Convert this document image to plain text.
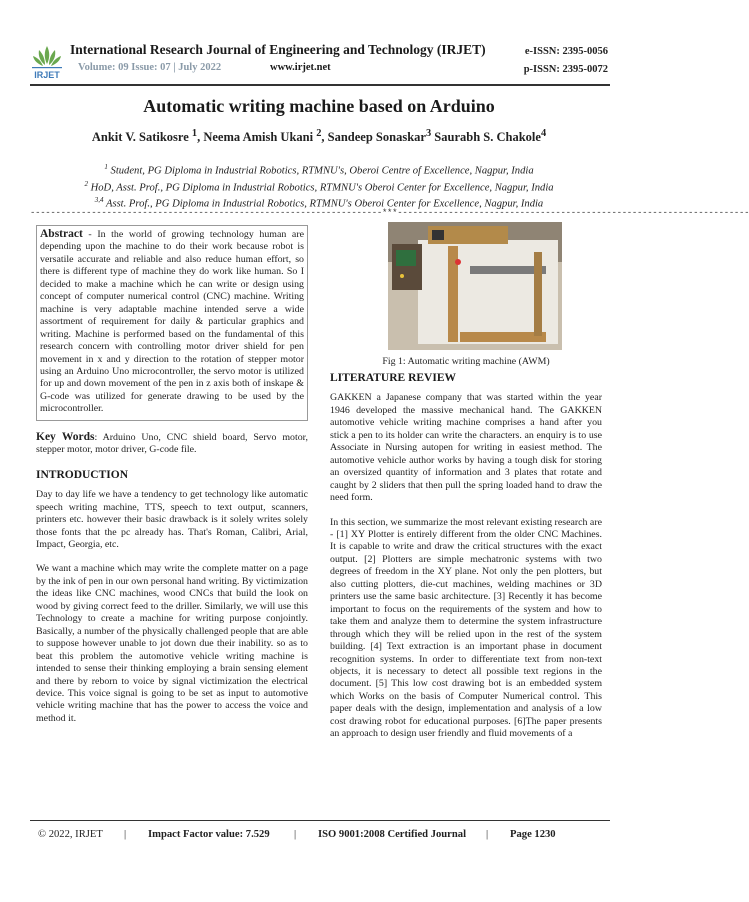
IRJET
International Research Journal of Engineering and Technology (IRJET)
Volume: 09 Issue: 07 | July 2022	www.irjet.net
e-ISSN: 2395-0056
p-ISSN: 2395-0072
Automatic writing machine based on Arduino
Ankit V. Satikosre $^1$, Neema Amish Ukani $^2$, Sandeep Sonaskar$^3$ Saurabh S. Chakole$^4$
$^1$ Student, PG Diploma in Industrial Robotics, RTMNU's, Oberoi Centre of Excellence, Nagpur, India
$^2$ HoD, Asst. Prof., PG Diploma in Industrial Robotics, RTMNU's Oberoi Center for Excellence, Nagpur, India
$^{3,4}$ Asst. Prof., PG Diploma in Industrial Robotics, RTMNU's Oberoi Center for Excellence, Nagpur, India
---------------------------------------------------------------------***---------------------------------------------------------------------
Abstract - In the world of growing technology human are depending upon the machine to do their work because robot is versatile accurate and reliable and also reduce human effort, so there is different type of machine they do work like human. So I decided to make a machine which he can write or design using concept of computer numerical control (CNC) machine. Writing machine is very adaptable machine intended serve a wide assortment of requirement for daily & particular graphics and writing. Machine is performed based on the fundamental of this research concern with controlling motor driver shield for pen movement in x and y direction to the rotation of stepper motor using an Arduino Uno microcontroller, the servo motor is utilized for up and down movement of the pen in z axis both of inskape & G-code was utilized for generate drawing to be used by the microcontroller.
Key Words: Arduino Uno, CNC shield board, Servo motor, stepper motor, motor driver, G-code file.
INTRODUCTION

Day to day life we have a tendency to get technology like automatic speech writing machine, TTS, speech to text output, scanners, printers etc. however their basic drawback is it solely writes solely those fonts that the pc already has. That's Roman, Calibri, Arial, Impact, Georgia, etc.

We want a machine which may write the complete matter on a page by the ink of pen in our own personal hand writing. By victimization the ideas like CNC machines, wood CNCs that build the look on wood by giving correct feed to the driller. Similarly, we will use this Technology to create a machine for writing purpose conjointly. Basically, a number of the physically challenged people that are able to suppose however unable to jot down due their inability. so as to beat this problem the automotive vehicle writing machine is intended to sense their thinking employing a brain sensing element and there by reborn to voice by signal victimization the electrical device. This voice signal is going to be set as input to automotive vehicle writing machine that has the power to access the voice and method it.

Fig 1: Automatic writing machine (AWM)
LITERATURE REVIEW

GAKKEN a Japanese company that was started within the year 1946 developed the massive mechanical hand. The GAKKEN automotive vehicle writing machine comprises a hand after you stick a pen to its holder can write the characters. an enquiry is to use Associate in Nursing autopen for writing in easiest method. The automotive vehicle author works by having a tough disk for storing an oversized quantity of information and 3 plates that rotate and caught by 2 sliders that then pull the spring loaded hand to draw the need form.

In this section, we summarize the most relevant existing research are - [1] XY Plotter is entirely different from the older CNC Machines. It is capable to write and draw the critical structures with the exact output. [2] Plotters are simple mechatronic systems with two degrees of freedom in the XY plane. Not only the pen plotters, but also cutting plotters, die-cut machines, welding machines or 3D printers use the same basic architecture. [3] Recently it has become important to focus on the requirements of the system and how to take them and analyze them to determine the system infrastructure through which they will be relied upon in the rest of the system building. [4] Text extraction is an important phase in document recognition systems. In order to differentiate text from non-text objects, it is necessary to detect all possible text regions in the document. [5] This low cost drawing bot is an embedded system which Works on the basis of Computer Numerical control. This paper deals with the design, implementation and analysis of a low cost drawing robot for educational purposes. [6]The paper presents an approach to design user friendly and fluid movements of a

© 2022, IRJET | Impact Factor value: 7.529 | ISO 9001:2008 Certified Journal | Page 1230
